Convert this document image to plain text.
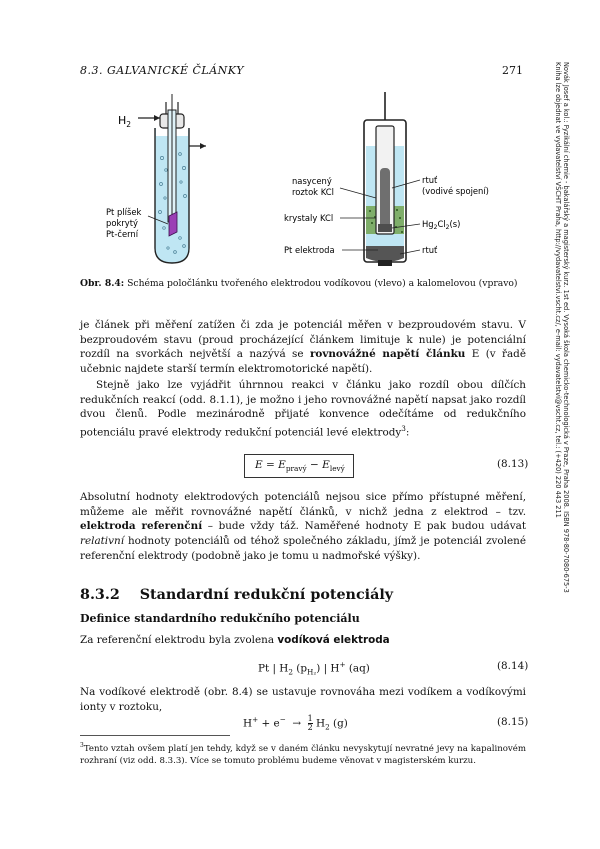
8.3. GALVANICKÉ ČLÁNKY	271	Novák Josef a kol.: Fyzikální chemie - bakalářský a magisterský kurz. 1st ed. Vysoká škola chemicko-technologická v Praze, Praha 2008. ISBN 978-80-7080-675-3
Kniha lze objednat ve vydavatelství VŠCHT Praha, http://vydavatelstvi.vscht.cz/, e-mail: vydavatelstvi@vscht.cz, tel.: (+420) 220 443 211
$H_2$
Pt plíšek
pokrytý
Pt-černí
nasycený
roztok KCl
krystaly KCl
Pt elektroda
rtuť
(vodivé spojení)
$Hg_2Cl_2(s)$
rtuť
Obr. 8.4: Schéma poločlánku tvořeného elektrodou vodíkovou (vlevo) a kalomelovou (vpravo)
je článek při měření zatížen či zda je potenciál měřen v bezproudovém stavu. V bezproudovém stavu (proud procházející článkem limituje k nule) je potenciální rozdíl na svorkách největší a nazývá se rovnovážné napětí článku E (v řadě učebnic najdete starší termín elektromotorické napětí).
Stejně jako lze vyjádřit úhrnnou reakci v článku jako rozdíl obou dílčích redukčních reakcí (odd. 8.1.1), je možno i jeho rovnovážné napětí napsat jako rozdíl dvou členů. Podle mezinárodně přijaté konvence odečítáme od redukčního potenciálu pravé elektrody redukční potenciál levé elektrody$^3$:
$E = E_{pravý} - E_{levý}$	(8.13)
Absolutní hodnoty elektrodových potenciálů nejsou sice přímo přístupné měření, můžeme ale měřit rovnovážné napětí článků, v nichž jedna z elektrod – tzv. elektroda referenční – bude vždy táž. Naměřené hodnoty E pak budou udávat relativní hodnoty potenciálů od téhož společného základu, jímž je potenciál zvolené referenční elektrody (podobně jako je tomu u nadmořské výšky).
8.3.2    Standardní redukční potenciály
Definice standardního redukčního potenciálu
Za referenční elektrodu byla zvolena vodíková elektroda
Pt | $H_2$ $(p_{H_2})$ | H+ (aq)	(8.14)
Na vodíkové elektrodě (obr. 8.4) se ustavuje rovnováha mezi vodíkem a vodíkovými ionty v roztoku,
$H^+ + e^- \to \frac{1}{2} H_2$ (g)	(8.15)
$^3$Tento vztah ovšem platí jen tehdy, když se v daném článku nevyskytují nevratné jevy na kapalinovém rozhraní (viz odd. 8.3.3). Více se tomuto problému budeme věnovat v magisterském kurzu.
